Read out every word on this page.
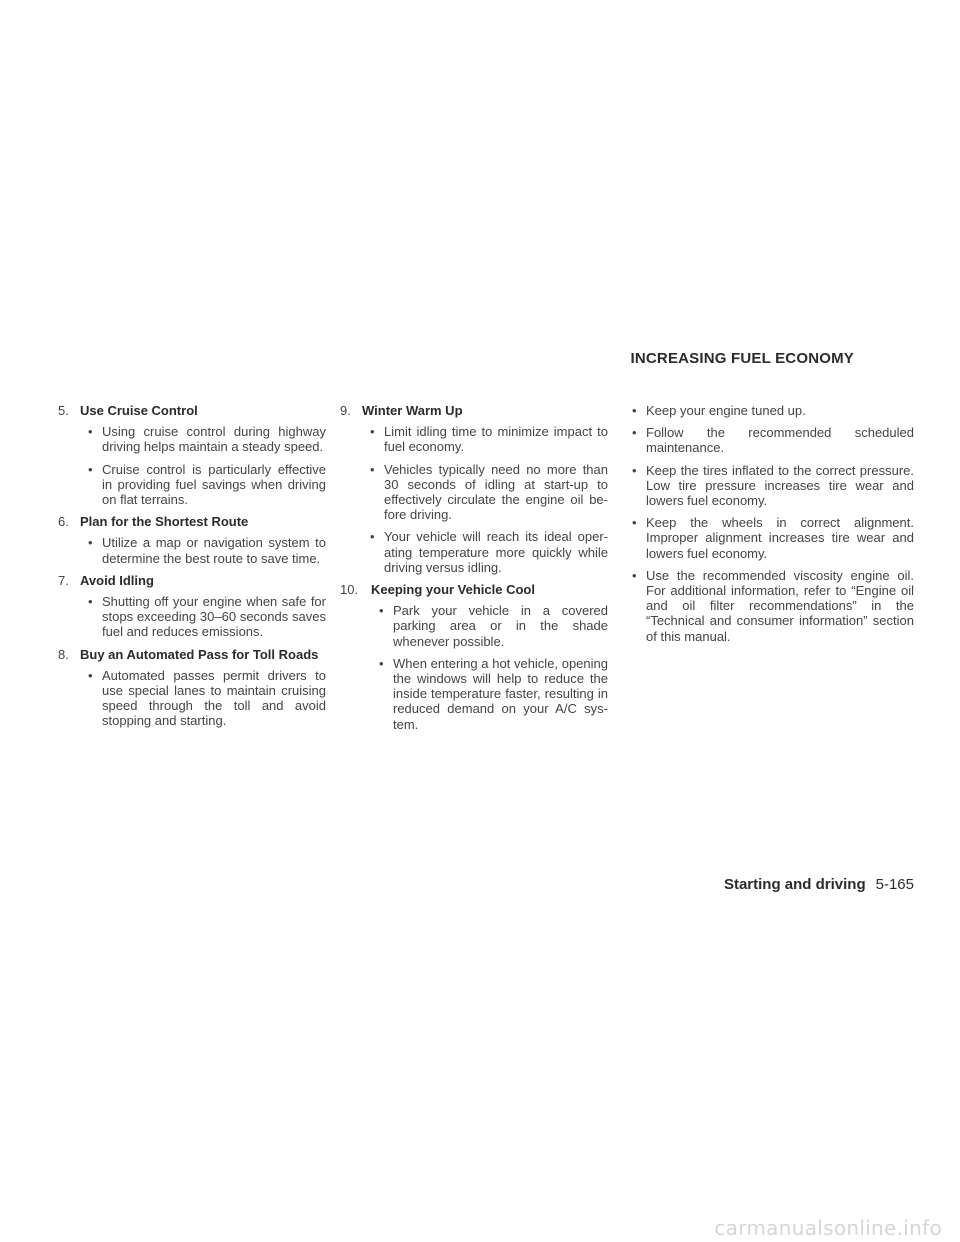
INCREASING FUEL ECONOMY
5. Use Cruise Control
• Using cruise control during highway driving helps maintain a steady speed.
• Cruise control is particularly effective in providing fuel savings when driving on flat terrains.
6. Plan for the Shortest Route
• Utilize a map or navigation system to determine the best route to save time.
7. Avoid Idling
• Shutting off your engine when safe for stops exceeding 30–60 seconds saves fuel and reduces emissions.
8. Buy an Automated Pass for Toll Roads
• Automated passes permit drivers to use special lanes to maintain cruising speed through the toll and avoid stopping and starting.
9. Winter Warm Up
• Limit idling time to minimize impact to fuel economy.
• Vehicles typically need no more than 30 seconds of idling at start-up to effectively circulate the engine oil before driving.
• Your vehicle will reach its ideal operating temperature more quickly while driving versus idling.
10. Keeping your Vehicle Cool
• Park your vehicle in a covered parking area or in the shade whenever possible.
• When entering a hot vehicle, opening the windows will help to reduce the inside temperature faster, resulting in reduced demand on your A/C system.
• Keep your engine tuned up.
• Follow the recommended scheduled maintenance.
• Keep the tires inflated to the correct pressure. Low tire pressure increases tire wear and lowers fuel economy.
• Keep the wheels in correct alignment. Improper alignment increases tire wear and lowers fuel economy.
• Use the recommended viscosity engine oil. For additional information, refer to “Engine oil and oil filter recommendations” in the “Technical and consumer information” section of this manual.
Starting and driving 5-165
carmanualsonline.info
